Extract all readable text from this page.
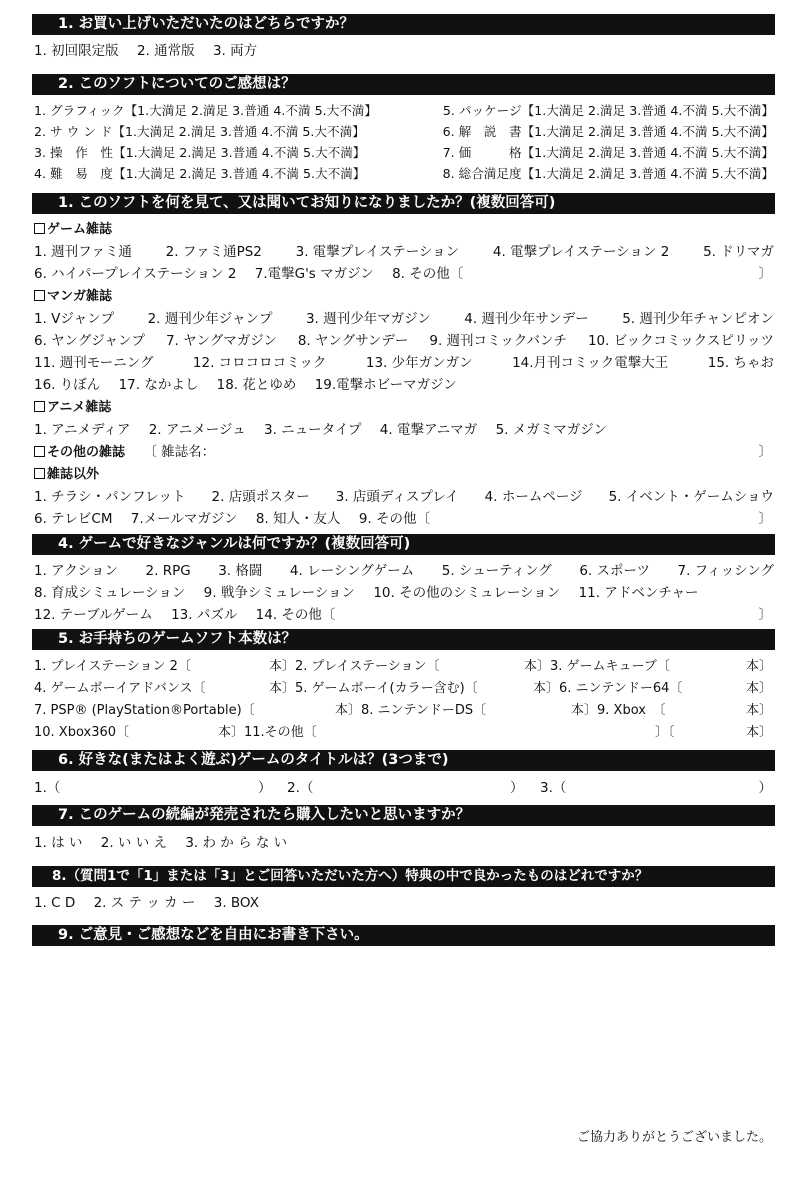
1. お買い上げいただいたのはどちらですか？
1. 初回限定版 2. 通常版 3. 両方
2. このソフトについてのご感想は？
1. グラフィック【1.大満足 2.満足 3.普通 4.不満 5.大不満】	5. パッケージ【1.大満足 2.満足 3.普通 4.不満 5.大不満】
2. サ ウ ン ド【1.大満足 2.満足 3.普通 4.不満 5.大不満】	6. 解　説　書【1.大満足 2.満足 3.普通 4.不満 5.大不満】
3. 操　作　性【1.大満足 2.満足 3.普通 4.不満 5.大不満】	7. 価　　　格【1.大満足 2.満足 3.普通 4.不満 5.大不満】
4. 難　易　度【1.大満足 2.満足 3.普通 4.不満 5.大不満】	8. 総合満足度【1.大満足 2.満足 3.普通 4.不満 5.大不満】
1. このソフトを何を見て、又は聞いてお知りになりましたか？(複数回答可)
ゲーム雑誌
1. 週刊ファミ通	2. ファミ通PS2	3. 電撃プレイステーション	4. 電撃プレイステーション 2	5. ドリマガ
6. ハイパープレイステーション 2 7.電撃G's マガジン 8. その他〔	〕
マンガ雑誌
1. Vジャンプ 2. 週刊少年ジャンプ 3. 週刊少年マガジン 4. 週刊少年サンデー 5. 週刊少年チャンピオン
6. ヤングジャンプ 7. ヤングマガジン 8. ヤングサンデー 9. 週刊コミックバンチ 10. ビックコミックスピリッツ
11. 週刊モーニング	12. コロコロコミック	13. 少年ガンガン	14.月刊コミック電撃大王	15. ちゃお
16. りぼん 17. なかよし 18. 花とゆめ 19.電撃ホビーマガジン
アニメ雑誌
1. アニメディア 2. アニメージュ 3. ニュータイプ 4. 電撃アニマガ 5. メガミマガジン
その他の雑誌 〔 雑誌名：	〕
雑誌以外
1. チラシ・パンフレット 2. 店頭ポスター 3. 店頭ディスプレイ 4. ホームページ 5. イベント・ゲームショウ
6. テレビCM 7.メールマガジン 8. 知人・友人 9. その他〔	〕
4. ゲームで好きなジャンルは何ですか？(複数回答可)
1. アクション 2. RPG 3. 格闘 4. レーシングゲーム 5. シューティング 6. スポーツ 7. フィッシング
8. 育成シミュレーション 9. 戦争シミュレーション 10. その他のシミュレーション 11. アドベンチャー
12. テーブルゲーム 13. パズル 14. その他〔	〕
5. お手持ちのゲームソフト本数は？
1. プレイステーション 2〔	本〕2. プレイステーション〔	本〕3. ゲームキューブ〔	本〕
4. ゲームボーイアドバンス〔	本〕5. ゲームボーイ(カラー含む)〔	本〕6. ニンテンドー64〔	本〕
7. PSP® (PlayStation®Portable)〔	本〕8. ニンテンドーDS〔	本〕9. Xbox　〔	本〕
10. Xbox360〔	本〕11.その他〔	〕〔	本〕
6. 好きな(またはよく遊ぶ)ゲームのタイトルは？(3つまで)
1.（	） 2.（	） 3.（	）
7. このゲームの続編が発売されたら購入したいと思いますか？
1. は い 2. い い え 3. わ か ら な い
8.（質問1で「1」または「3」とご回答いただいた方へ）特典の中で良かったものはどれですか？
1. C D 2. ス テ ッ カ ー 3. BOX
9. ご意見・ご感想などを自由にお書き下さい。
ご協力ありがとうございました。
